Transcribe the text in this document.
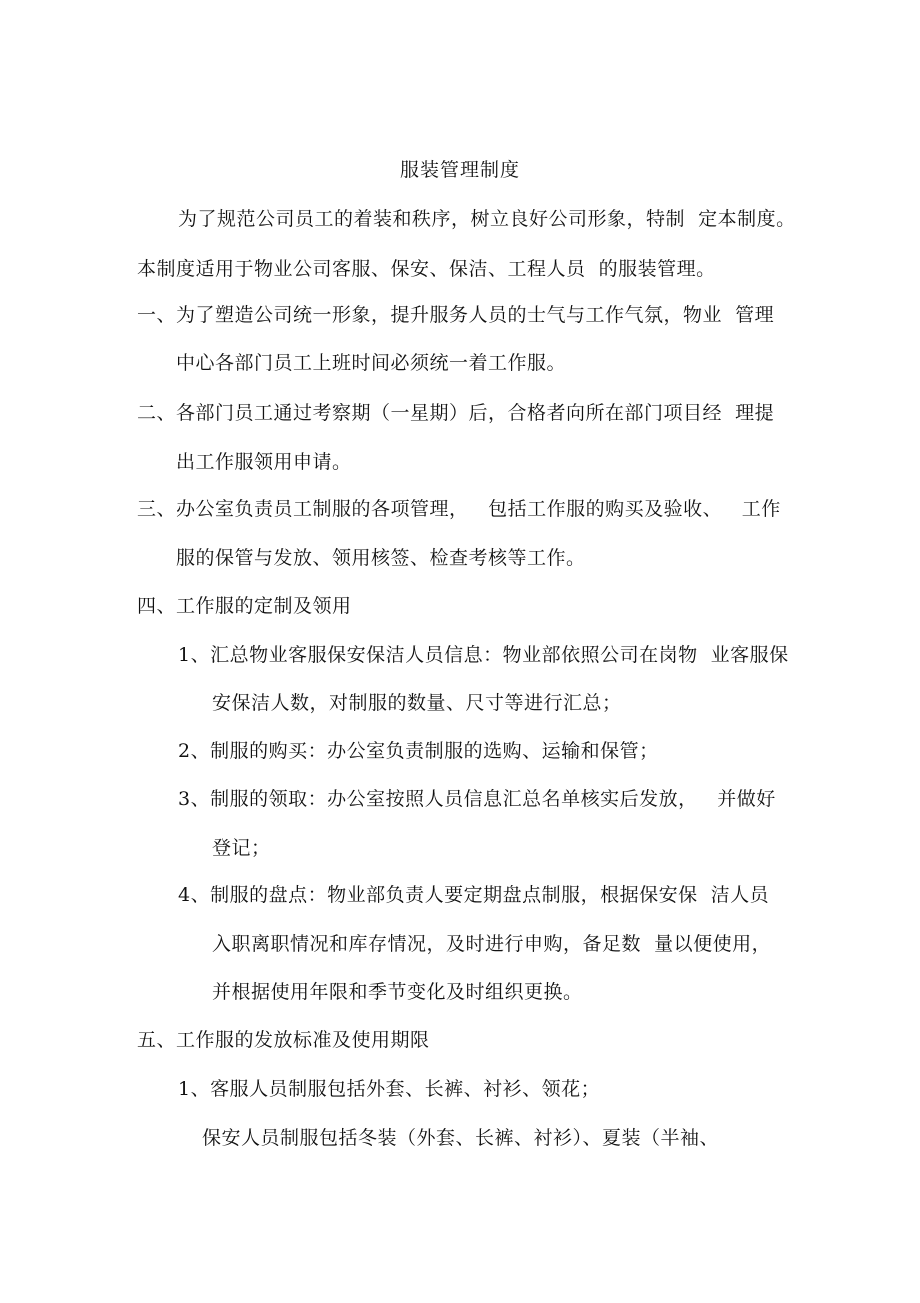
服装管理制度
为了规范公司员工的着装和秩序，树立良好公司形象，特制  定本制度。
本制度适用于物业公司客服、保安、保洁、工程人员  的服装管理。
一、为了塑造公司统一形象，提升服务人员的士气与工作气氛，物业  管理
中心各部门员工上班时间必须统一着工作服。
二、各部门员工通过考察期（一星期）后，合格者向所在部门项目经  理提
出工作服领用申请。
三、办公室负责员工制服的各项管理，   包括工作服的购买及验收、   工作
服的保管与发放、领用核签、检查考核等工作。
四、工作服的定制及领用
1、汇总物业客服保安保洁人员信息：物业部依照公司在岗物  业客服保
安保洁人数，对制服的数量、尺寸等进行汇总；
2、制服的购买：办公室负责制服的选购、运输和保管；
3、制服的领取：办公室按照人员信息汇总名单核实后发放，   并做好
登记；
4、制服的盘点：物业部负责人要定期盘点制服，根据保安保  洁人员
入职离职情况和库存情况，及时进行申购，备足数  量以便使用，
并根据使用年限和季节变化及时组织更换。
五、工作服的发放标准及使用期限
1、客服人员制服包括外套、长裤、衬衫、领花；
保安人员制服包括冬装（外套、长裤、衬衫）、夏装（半袖、
